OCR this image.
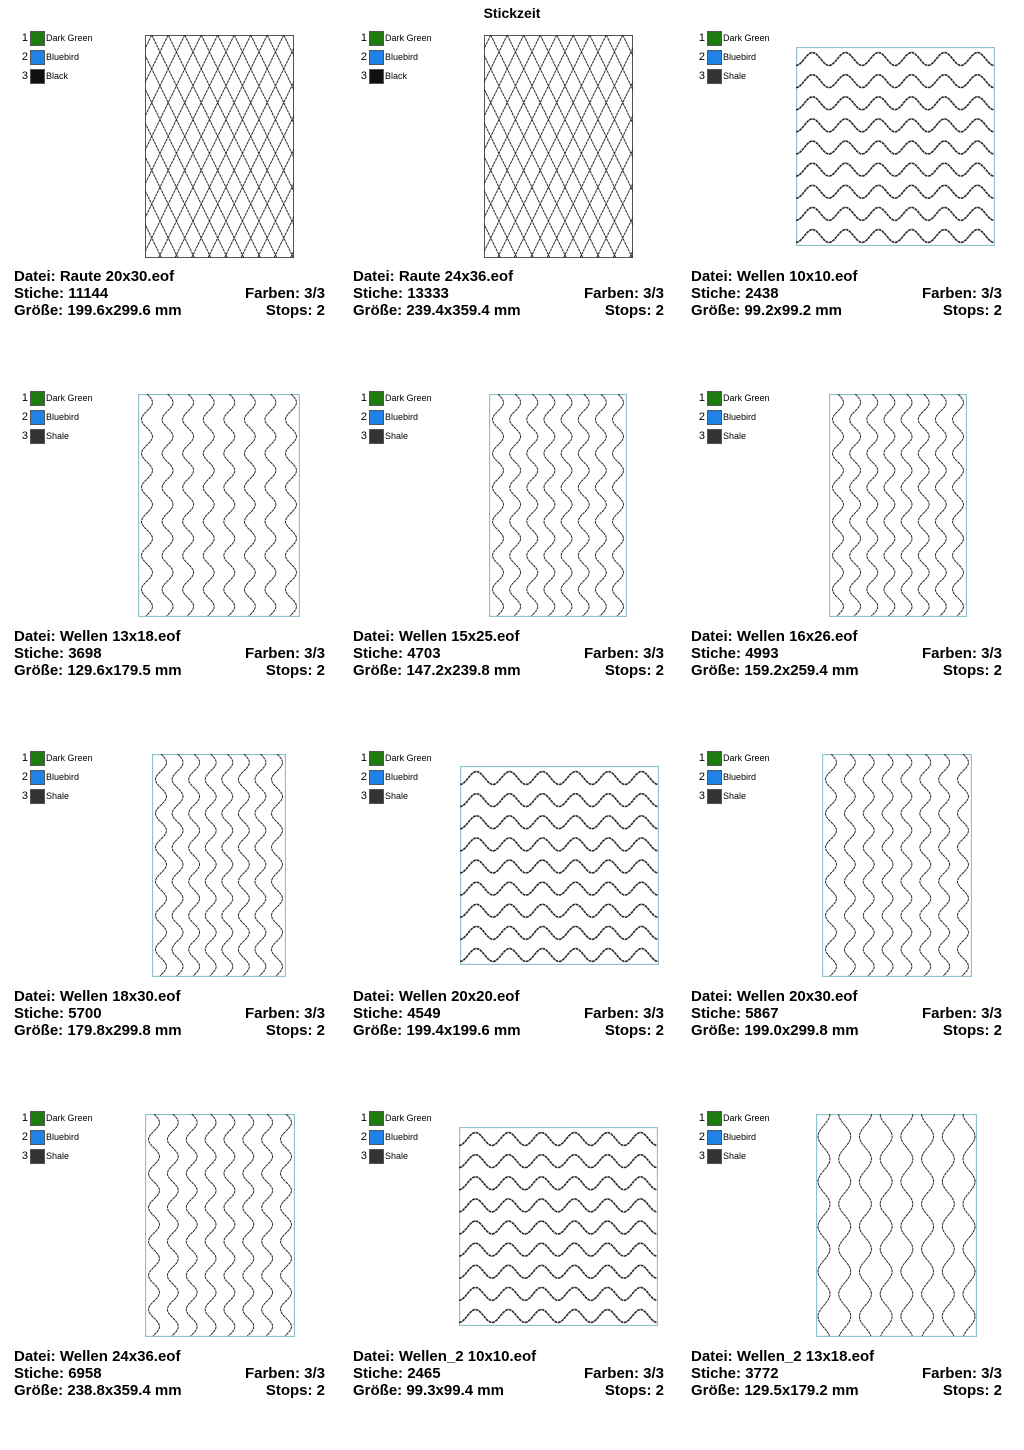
Stickzeit
1 Dark Green
2 Bluebird
3 Black
Datei: Raute 20x30.eof
Stiche: 11144	Farben: 3/3
Größe: 199.6x299.6 mm	Stops: 2
1 Dark Green
2 Bluebird
3 Black
Datei: Raute 24x36.eof
Stiche: 13333	Farben: 3/3
Größe: 239.4x359.4 mm	Stops: 2
1 Dark Green
2 Bluebird
3 Shale
Datei: Wellen 10x10.eof
Stiche: 2438	Farben: 3/3
Größe: 99.2x99.2 mm	Stops: 2
1 Dark Green
2 Bluebird
3 Shale
Datei: Wellen 13x18.eof
Stiche: 3698	Farben: 3/3
Größe: 129.6x179.5 mm	Stops: 2
1 Dark Green
2 Bluebird
3 Shale
Datei: Wellen 15x25.eof
Stiche: 4703	Farben: 3/3
Größe: 147.2x239.8 mm	Stops: 2
1 Dark Green
2 Bluebird
3 Shale
Datei: Wellen 16x26.eof
Stiche: 4993	Farben: 3/3
Größe: 159.2x259.4 mm	Stops: 2
1 Dark Green
2 Bluebird
3 Shale
Datei: Wellen 18x30.eof
Stiche: 5700	Farben: 3/3
Größe: 179.8x299.8 mm	Stops: 2
1 Dark Green
2 Bluebird
3 Shale
Datei: Wellen 20x20.eof
Stiche: 4549	Farben: 3/3
Größe: 199.4x199.6 mm	Stops: 2
1 Dark Green
2 Bluebird
3 Shale
Datei: Wellen 20x30.eof
Stiche: 5867	Farben: 3/3
Größe: 199.0x299.8 mm	Stops: 2
1 Dark Green
2 Bluebird
3 Shale
Datei: Wellen 24x36.eof
Stiche: 6958	Farben: 3/3
Größe: 238.8x359.4 mm	Stops: 2
1 Dark Green
2 Bluebird
3 Shale
Datei: Wellen_2 10x10.eof
Stiche: 2465	Farben: 3/3
Größe: 99.3x99.4 mm	Stops: 2
1 Dark Green
2 Bluebird
3 Shale
Datei: Wellen_2 13x18.eof
Stiche: 3772	Farben: 3/3
Größe: 129.5x179.2 mm	Stops: 2
